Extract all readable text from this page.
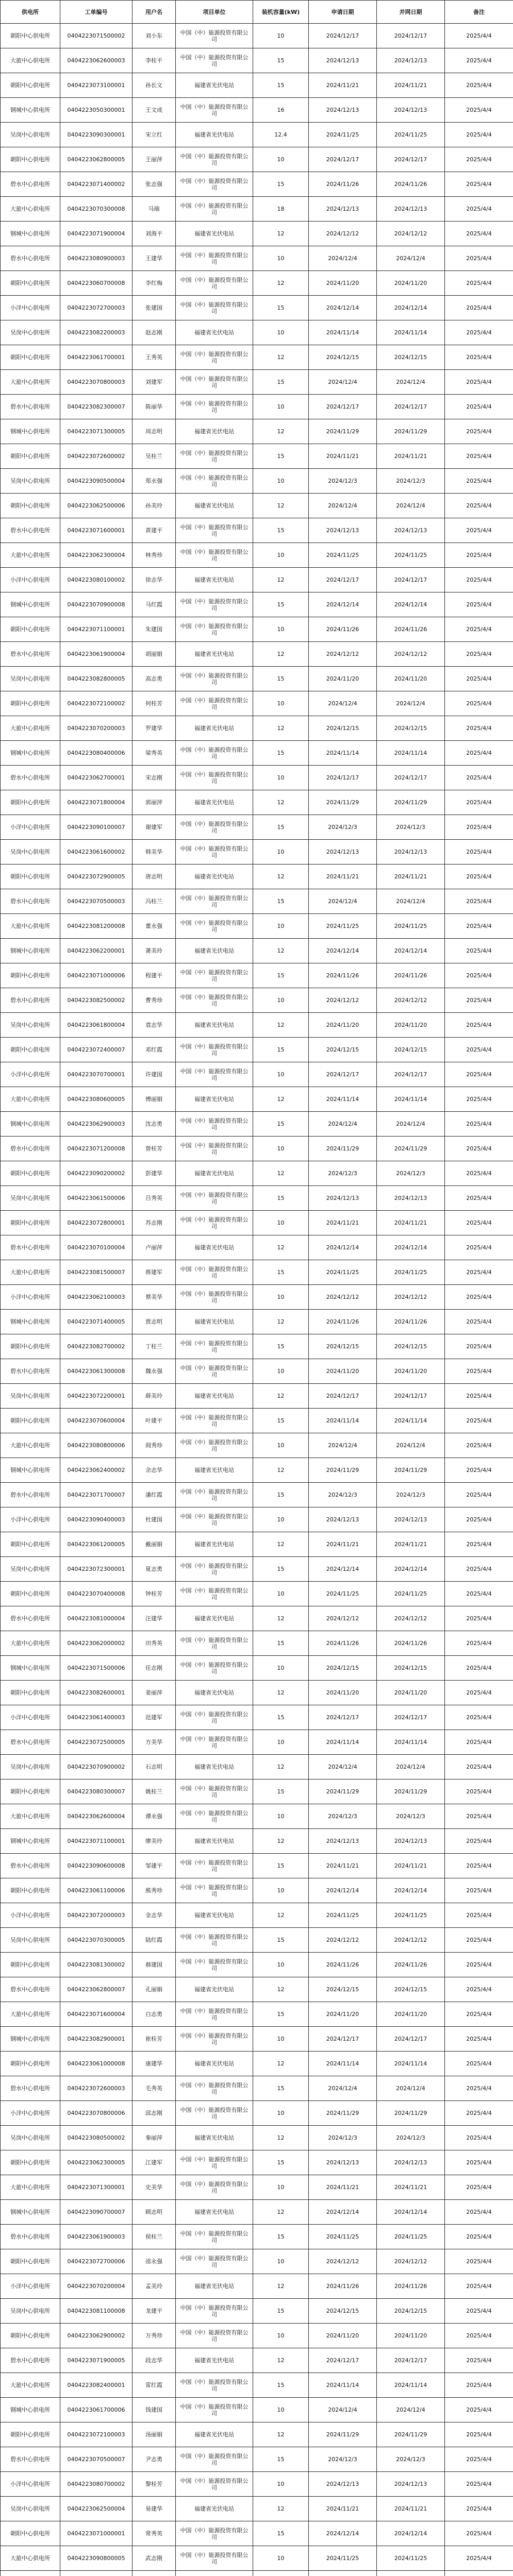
供电所	工单编号	用户名	项目单位	装机容量(kW)	申请日期	并网日期	备注
朝阳中心供电所	0404223071500002	刘小东	中国（中）能源投资有限公司	10	2024/12/17	2024/12/17	2025/4/4
大旅中心供电所	0404223062600003	李桂平	中国（中）能源投资有限公司	15	2024/12/13	2024/12/13	2025/4/4
朝阳中心供电所	0404223073100001	孙长文	福建省光伏电站	15	2024/11/21	2024/11/21	2025/4/4
钢城中心供电所	0404223050300001	王文成	中国（中）能源投资有限公司	16	2024/12/13	2024/12/13	2025/4/4
吴岗中心供电所	0404223090300001	宋立红	福建省光伏电站	12.4	2024/11/25	2024/11/25	2025/4/4
朝阳中心供电所	0404223062800005	王丽萍	中国（中）能源投资有限公司	10	2024/12/17	2024/12/17	2025/4/4
碧水中心供电所	0404223071400002	张志强	中国（中）能源投资有限公司	15	2024/11/26	2024/11/26	2025/4/4
大旅中心供电所	0404223070300008	马瑞	中国（中）能源投资有限公司	18	2024/12/13	2024/12/13	2025/4/4
钢城中心供电所	0404223071900004	刘海平	福建省光伏电站	12	2024/12/12	2024/12/12	2025/4/4
碧水中心供电所	0404223080900003	王建华	中国（中）能源投资有限公司	10	2024/12/4	2024/12/4	2025/4/4
朝阳中心供电所	0404223060700008	李红梅	中国（中）能源投资有限公司	12	2024/11/20	2024/11/20	2025/4/4
小洋中心供电所	0404223072700003	张建国	中国（中）能源投资有限公司	15	2024/12/14	2024/12/14	2025/4/4
吴岗中心供电所	0404223082200003	赵志刚	福建省光伏电站	10	2024/11/14	2024/11/14	2025/4/4
朝阳中心供电所	0404223061700001	王秀英	中国（中）能源投资有限公司	12	2024/12/15	2024/12/15	2025/4/4
大旅中心供电所	0404223070800003	刘建军	中国（中）能源投资有限公司	15	2024/12/4	2024/12/4	2025/4/4
碧水中心供电所	0404223082300007	陈丽华	中国（中）能源投资有限公司	10	2024/12/17	2024/12/17	2025/4/4
钢城中心供电所	0404223071300005	周志明	福建省光伏电站	12	2024/11/29	2024/11/29	2025/4/4
朝阳中心供电所	0404223072600002	吴桂兰	中国（中）能源投资有限公司	15	2024/11/21	2024/11/21	2025/4/4
吴岗中心供电所	0404223090500004	郑永强	中国（中）能源投资有限公司	10	2024/12/3	2024/12/3	2025/4/4
朝阳中心供电所	0404223062500006	孙美玲	福建省光伏电站	12	2024/12/4	2024/12/4	2025/4/4
碧水中心供电所	0404223071600001	黄建平	中国（中）能源投资有限公司	15	2024/12/13	2024/12/13	2025/4/4
大旅中心供电所	0404223062300004	林秀珍	中国（中）能源投资有限公司	10	2024/11/25	2024/11/25	2025/4/4
小洋中心供电所	0404223080100002	徐志华	福建省光伏电站	12	2024/12/17	2024/12/17	2025/4/4
钢城中心供电所	0404223070900008	马红霞	中国（中）能源投资有限公司	15	2024/12/14	2024/12/14	2025/4/4
朝阳中心供电所	0404223071100001	朱建国	中国（中）能源投资有限公司	10	2024/11/26	2024/11/26	2025/4/4
碧水中心供电所	0404223061900004	胡丽娟	福建省光伏电站	12	2024/12/12	2024/12/12	2025/4/4
吴岗中心供电所	0404223082800005	高志勇	中国（中）能源投资有限公司	15	2024/11/20	2024/11/20	2025/4/4
朝阳中心供电所	0404223072100002	何桂芳	中国（中）能源投资有限公司	10	2024/12/4	2024/12/4	2025/4/4
大旅中心供电所	0404223070200003	罗建华	福建省光伏电站	12	2024/12/15	2024/12/15	2025/4/4
钢城中心供电所	0404223080400006	梁秀英	中国（中）能源投资有限公司	15	2024/11/14	2024/11/14	2025/4/4
碧水中心供电所	0404223062700001	宋志刚	中国（中）能源投资有限公司	10	2024/12/17	2024/12/17	2025/4/4
朝阳中心供电所	0404223071800004	郭丽萍	福建省光伏电站	12	2024/11/29	2024/11/29	2025/4/4
小洋中心供电所	0404223090100007	谢建军	中国（中）能源投资有限公司	15	2024/12/3	2024/12/3	2025/4/4
吴岗中心供电所	0404223061600002	韩美华	中国（中）能源投资有限公司	10	2024/12/13	2024/12/13	2025/4/4
朝阳中心供电所	0404223072900005	唐志明	福建省光伏电站	12	2024/11/21	2024/11/21	2025/4/4
碧水中心供电所	0404223070500003	冯桂兰	中国（中）能源投资有限公司	15	2024/12/4	2024/12/4	2025/4/4
大旅中心供电所	0404223081200008	董永强	中国（中）能源投资有限公司	10	2024/11/25	2024/11/25	2025/4/4
钢城中心供电所	0404223062200001	萧美玲	福建省光伏电站	12	2024/12/14	2024/12/14	2025/4/4
朝阳中心供电所	0404223071000006	程建平	中国（中）能源投资有限公司	15	2024/11/26	2024/11/26	2025/4/4
碧水中心供电所	0404223082500002	曹秀珍	中国（中）能源投资有限公司	10	2024/12/12	2024/12/12	2025/4/4
吴岗中心供电所	0404223061800004	袁志华	福建省光伏电站	12	2024/11/20	2024/11/20	2025/4/4
朝阳中心供电所	0404223072400007	邓红霞	中国（中）能源投资有限公司	15	2024/12/15	2024/12/15	2025/4/4
小洋中心供电所	0404223070700001	许建国	中国（中）能源投资有限公司	10	2024/12/17	2024/12/17	2025/4/4
大旅中心供电所	0404223080600005	傅丽娟	福建省光伏电站	12	2024/11/14	2024/11/14	2025/4/4
钢城中心供电所	0404223062900003	沈志勇	中国（中）能源投资有限公司	15	2024/12/4	2024/12/4	2025/4/4
碧水中心供电所	0404223071200008	曾桂芳	中国（中）能源投资有限公司	10	2024/11/29	2024/11/29	2025/4/4
朝阳中心供电所	0404223090200002	彭建华	福建省光伏电站	12	2024/12/3	2024/12/3	2025/4/4
吴岗中心供电所	0404223061500006	吕秀英	中国（中）能源投资有限公司	15	2024/12/13	2024/12/13	2025/4/4
朝阳中心供电所	0404223072800001	苏志刚	中国（中）能源投资有限公司	10	2024/11/21	2024/11/21	2025/4/4
碧水中心供电所	0404223070100004	卢丽萍	福建省光伏电站	12	2024/12/14	2024/12/14	2025/4/4
大旅中心供电所	0404223081500007	蒋建军	中国（中）能源投资有限公司	15	2024/11/25	2024/11/25	2025/4/4
小洋中心供电所	0404223062100003	蔡美华	中国（中）能源投资有限公司	10	2024/12/12	2024/12/12	2025/4/4
钢城中心供电所	0404223071400005	贾志明	福建省光伏电站	12	2024/11/26	2024/11/26	2025/4/4
朝阳中心供电所	0404223082700002	丁桂兰	中国（中）能源投资有限公司	15	2024/12/15	2024/12/15	2025/4/4
碧水中心供电所	0404223061300008	魏永强	中国（中）能源投资有限公司	10	2024/11/20	2024/11/20	2025/4/4
吴岗中心供电所	0404223072200001	薛美玲	福建省光伏电站	12	2024/12/17	2024/12/17	2025/4/4
朝阳中心供电所	0404223070600004	叶建平	中国（中）能源投资有限公司	15	2024/11/14	2024/11/14	2025/4/4
大旅中心供电所	0404223080800006	阎秀珍	中国（中）能源投资有限公司	10	2024/12/4	2024/12/4	2025/4/4
钢城中心供电所	0404223062400002	余志华	福建省光伏电站	12	2024/11/29	2024/11/29	2025/4/4
碧水中心供电所	0404223071700007	潘红霞	中国（中）能源投资有限公司	15	2024/12/3	2024/12/3	2025/4/4
小洋中心供电所	0404223090400003	杜建国	中国（中）能源投资有限公司	10	2024/12/13	2024/12/13	2025/4/4
朝阳中心供电所	0404223061200005	戴丽娟	福建省光伏电站	12	2024/11/21	2024/11/21	2025/4/4
吴岗中心供电所	0404223072300001	夏志勇	中国（中）能源投资有限公司	15	2024/12/14	2024/12/14	2025/4/4
朝阳中心供电所	0404223070400008	钟桂芳	中国（中）能源投资有限公司	10	2024/11/25	2024/11/25	2025/4/4
碧水中心供电所	0404223081000004	汪建华	福建省光伏电站	12	2024/12/12	2024/12/12	2025/4/4
大旅中心供电所	0404223062000002	田秀英	中国（中）能源投资有限公司	15	2024/11/26	2024/11/26	2025/4/4
钢城中心供电所	0404223071500006	任志刚	中国（中）能源投资有限公司	10	2024/12/15	2024/12/15	2025/4/4
朝阳中心供电所	0404223082600001	姜丽萍	福建省光伏电站	12	2024/11/20	2024/11/20	2025/4/4
小洋中心供电所	0404223061400003	范建军	中国（中）能源投资有限公司	15	2024/12/17	2024/12/17	2025/4/4
碧水中心供电所	0404223072500005	方美华	中国（中）能源投资有限公司	10	2024/11/14	2024/11/14	2025/4/4
吴岗中心供电所	0404223070900002	石志明	福建省光伏电站	12	2024/12/4	2024/12/4	2025/4/4
朝阳中心供电所	0404223080300007	姚桂兰	中国（中）能源投资有限公司	15	2024/11/29	2024/11/29	2025/4/4
大旅中心供电所	0404223062600004	谭永强	中国（中）能源投资有限公司	10	2024/12/3	2024/12/3	2025/4/4
钢城中心供电所	0404223071100001	廖美玲	福建省光伏电站	12	2024/12/13	2024/12/13	2025/4/4
碧水中心供电所	0404223090600008	邹建平	中国（中）能源投资有限公司	15	2024/11/21	2024/11/21	2025/4/4
朝阳中心供电所	0404223061100006	熊秀珍	中国（中）能源投资有限公司	10	2024/12/14	2024/12/14	2025/4/4
小洋中心供电所	0404223072000003	金志华	福建省光伏电站	12	2024/11/25	2024/11/25	2025/4/4
吴岗中心供电所	0404223070300005	陆红霞	中国（中）能源投资有限公司	15	2024/12/12	2024/12/12	2025/4/4
朝阳中心供电所	0404223081300002	郝建国	中国（中）能源投资有限公司	10	2024/11/26	2024/11/26	2025/4/4
碧水中心供电所	0404223062800007	孔丽娟	福建省光伏电站	12	2024/12/15	2024/12/15	2025/4/4
大旅中心供电所	0404223071600004	白志勇	中国（中）能源投资有限公司	15	2024/11/20	2024/11/20	2025/4/4
钢城中心供电所	0404223082900001	崔桂芳	中国（中）能源投资有限公司	10	2024/12/17	2024/12/17	2025/4/4
朝阳中心供电所	0404223061000008	康建华	福建省光伏电站	12	2024/11/14	2024/11/14	2025/4/4
碧水中心供电所	0404223072600003	毛秀英	中国（中）能源投资有限公司	15	2024/12/4	2024/12/4	2025/4/4
小洋中心供电所	0404223070800006	邱志刚	中国（中）能源投资有限公司	10	2024/11/29	2024/11/29	2025/4/4
吴岗中心供电所	0404223080500002	秦丽萍	福建省光伏电站	12	2024/12/3	2024/12/3	2025/4/4
朝阳中心供电所	0404223062300005	江建军	中国（中）能源投资有限公司	15	2024/12/13	2024/12/13	2025/4/4
大旅中心供电所	0404223071300001	史美华	中国（中）能源投资有限公司	10	2024/11/21	2024/11/21	2025/4/4
钢城中心供电所	0404223090700007	顾志明	福建省光伏电站	12	2024/12/14	2024/12/14	2025/4/4
碧水中心供电所	0404223061900003	侯桂兰	中国（中）能源投资有限公司	15	2024/11/25	2024/11/25	2025/4/4
朝阳中心供电所	0404223072700006	邵永强	中国（中）能源投资有限公司	10	2024/12/12	2024/12/12	2025/4/4
小洋中心供电所	0404223070200004	孟美玲	福建省光伏电站	12	2024/11/26	2024/11/26	2025/4/4
吴岗中心供电所	0404223081100008	龙建平	中国（中）能源投资有限公司	15	2024/12/15	2024/12/15	2025/4/4
朝阳中心供电所	0404223062900002	万秀珍	中国（中）能源投资有限公司	10	2024/11/20	2024/11/20	2025/4/4
碧水中心供电所	0404223071900005	段志华	福建省光伏电站	12	2024/12/17	2024/12/17	2025/4/4
大旅中心供电所	0404223082400001	雷红霞	中国（中）能源投资有限公司	15	2024/11/14	2024/11/14	2025/4/4
钢城中心供电所	0404223061700006	钱建国	中国（中）能源投资有限公司	10	2024/12/4	2024/12/4	2025/4/4
朝阳中心供电所	0404223072100003	汤丽娟	福建省光伏电站	12	2024/11/29	2024/11/29	2025/4/4
碧水中心供电所	0404223070500007	尹志勇	中国（中）能源投资有限公司	15	2024/12/3	2024/12/3	2025/4/4
小洋中心供电所	0404223080700002	黎桂芳	中国（中）能源投资有限公司	10	2024/12/13	2024/12/13	2025/4/4
吴岗中心供电所	0404223062500004	易建华	福建省光伏电站	12	2024/11/21	2024/11/21	2025/4/4
朝阳中心供电所	0404223071000001	常秀英	中国（中）能源投资有限公司	15	2024/12/14	2024/12/14	2025/4/4
大旅中心供电所	0404223090800005	武志刚	中国（中）能源投资有限公司	10	2024/11/25	2024/11/25	2025/4/4
